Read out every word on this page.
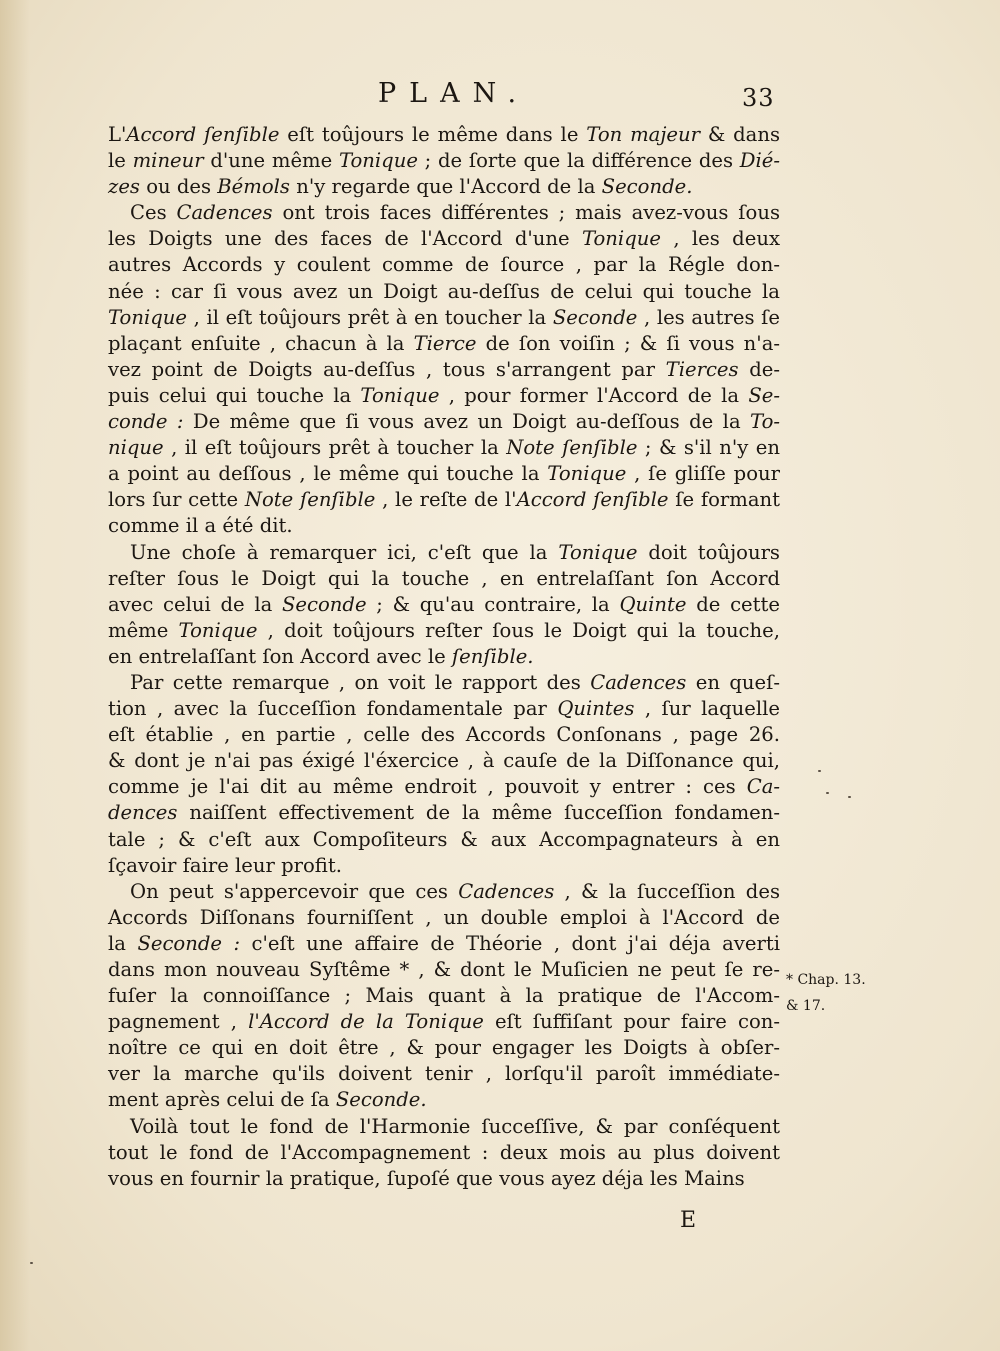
PLAN.	33
L'Accord ſenſible eſt toûjours le même dans le Ton majeur & dans
le mineur d'une même Tonique ; de ſorte que la différence des Dié-
zes ou des Bémols n'y regarde que l'Accord de la Seconde.
Ces Cadences ont trois faces différentes ; mais avez-vous ſous
les Doigts une des faces de l'Accord d'une Tonique , les deux
autres Accords y coulent comme de ſource , par la Régle don-
née : car ſi vous avez un Doigt au-deſſus de celui qui touche la
Tonique , il eſt toûjours prêt à en toucher la Seconde , les autres ſe
plaçant enſuite , chacun à la Tierce de ſon voiſin ; & ſi vous n'a-
vez point de Doigts au-deſſus , tous s'arrangent par Tierces de-
puis celui qui touche la Tonique , pour former l'Accord de la Se-
conde : De même que ſi vous avez un Doigt au-deſſous de la To-
nique , il eſt toûjours prêt à toucher la Note ſenſible ; & s'il n'y en
a point au deſſous , le même qui touche la Tonique , ſe gliſſe pour
lors ſur cette Note ſenſible , le reſte de l'Accord ſenſible ſe formant
comme il a été dit.
Une choſe à remarquer ici, c'eſt que la Tonique doit toûjours
reſter ſous le Doigt qui la touche , en entrelaſſant ſon Accord
avec celui de la Seconde ; & qu'au contraire, la Quinte de cette
même Tonique , doit toûjours reſter ſous le Doigt qui la touche,
en entrelaſſant ſon Accord avec le ſenſible.
Par cette remarque , on voit le rapport des Cadences en queſ-
tion , avec la ſucceſſion fondamentale par Quintes , ſur laquelle
eſt établie , en partie , celle des Accords Conſonans , page 26.
& dont je n'ai pas éxigé l'éxercice , à cauſe de la Diſſonance qui,
comme je l'ai dit au même endroit , pouvoit y entrer : ces Ca-
dences naiſſent effectivement de la même ſucceſſion fondamen-
tale ; & c'eſt aux Compoſiteurs & aux Accompagnateurs à en
ſçavoir faire leur profit.
On peut s'appercevoir que ces Cadences , & la ſucceſſion des
Accords Diſſonans fourniſſent , un double emploi à l'Accord de
la Seconde : c'eſt une affaire de Théorie , dont j'ai déja averti
dans mon nouveau Syſtême * , & dont le Muſicien ne peut ſe re-
fuſer la connoiſſance ; Mais quant à la pratique de l'Accom-
pagnement , l'Accord de la Tonique eſt ſuffiſant pour faire con-
noître ce qui en doit être , & pour engager les Doigts à obſer-
ver la marche qu'ils doivent tenir , lorſqu'il paroît immédiate-
ment après celui de ſa Seconde.
Voilà tout le fond de l'Harmonie ſucceſſive, & par conſéquent
tout le fond de l'Accompagnement : deux mois au plus doivent
vous en fournir la pratique, ſupoſé que vous ayez déja les Mains
* Chap. 13.
& 17.
E
